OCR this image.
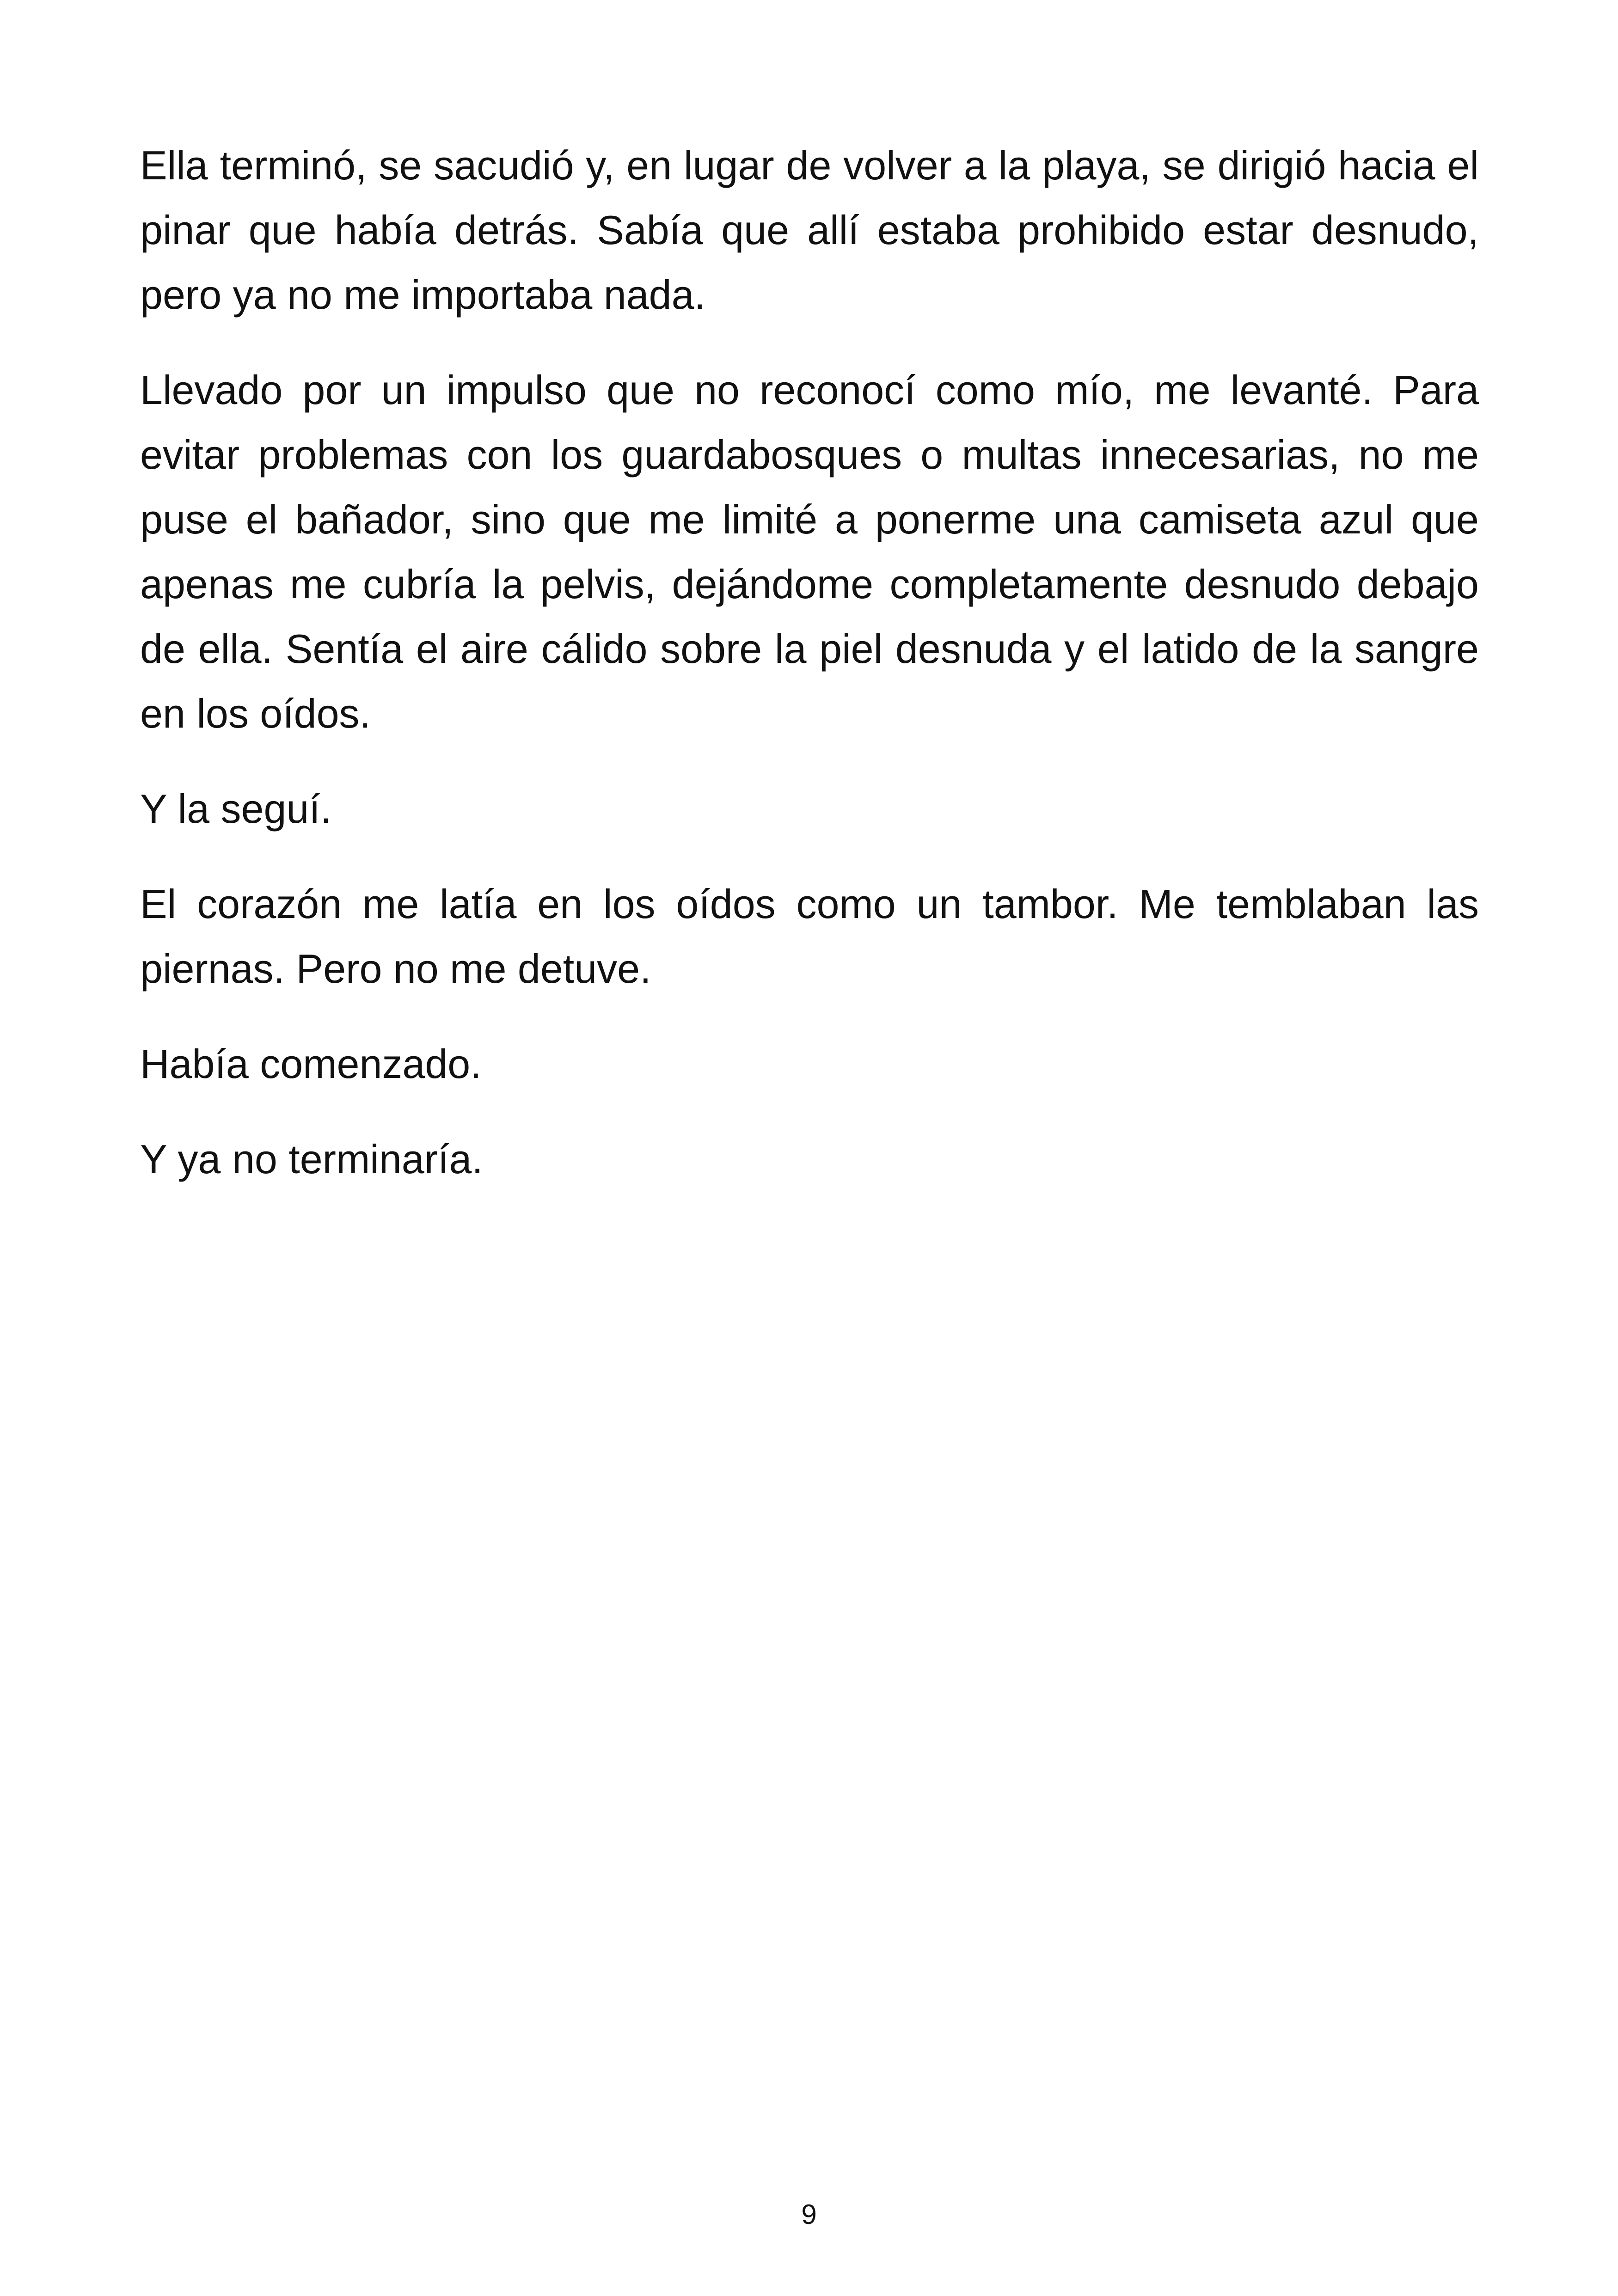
Ella terminó, se sacudió y, en lugar de volver a la playa, se dirigió hacia el pinar que había detrás. Sabía que allí estaba prohibido estar desnudo, pero ya no me importaba nada.

Llevado por un impulso que no reconocí como mío, me levanté. Para evitar problemas con los guardabosques o multas innecesarias, no me puse el bañador, sino que me limité a ponerme una camiseta azul que apenas me cubría la pelvis, dejándome completamente desnudo debajo de ella. Sentía el aire cálido sobre la piel desnuda y el latido de la sangre en los oídos.

Y la seguí.

El corazón me latía en los oídos como un tambor. Me temblaban las piernas. Pero no me detuve.

Había comenzado.

Y ya no terminaría.

9
